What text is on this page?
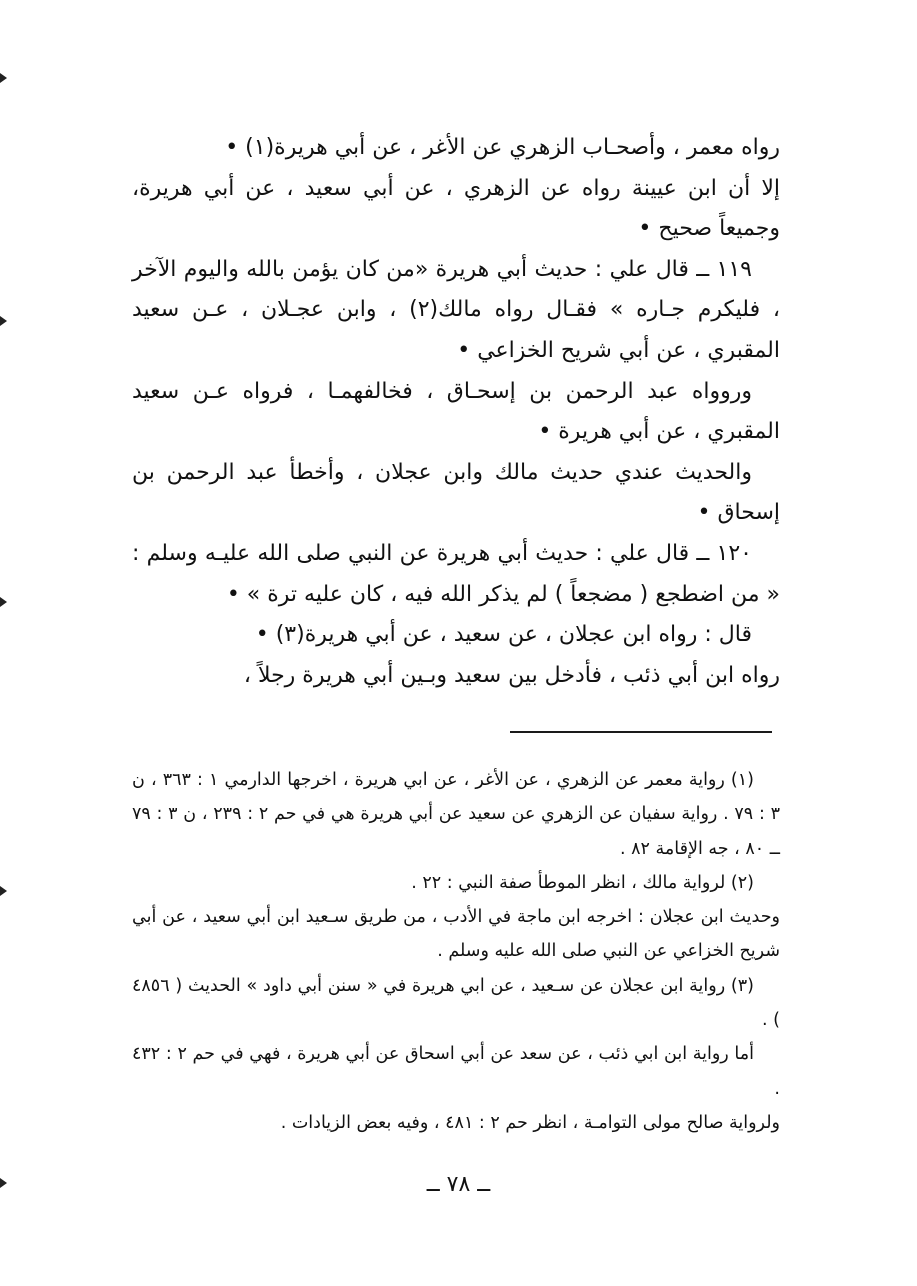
رواه معمر ، وأصحـاب الزهري عن الأغر ، عن أبي هريرة(١) •

إلا أن ابن عيينة رواه عن الزهري ، عن أبي سعيد ، عن أبي هريرة، وجميعاً صحيح •

١١٩ ــ قال علي : حديث أبي هريرة «من كان يؤمن بالله واليوم الآخر ، فليكرم جـاره » فقـال رواه مالك(٢) ، وابن عجـلان ، عـن سعيد المقبري ، عن أبي شريح الخزاعي •

وروواه عبد الرحمن بن إسحـاق ، فخالفهمـا ، فرواه عـن سعيد المقبري ، عن أبي هريرة •

والحديث عندي حديث مالك وابن عجلان ، وأخطأ عبد الرحمن بن إسحاق •

١٢٠ ــ قال علي : حديث أبي هريرة عن النبي صلى الله عليـه وسلم : « من اضطجع ( مضجعاً ) لم يذكر الله فيه ، كان عليه ترة » •

قال : رواه ابن عجلان ، عن سعيد ، عن أبي هريرة(٣) •

رواه ابن أبي ذئب ، فأدخل بين سعيد وبـين أبي هريرة رجلاً ،

(١) رواية معمر عن الزهري ، عن الأغر ، عن ابي هريرة ، اخرجها الدارمي ١ : ٣٦٣ ، ن ٣ : ٧٩ . رواية سفيان عن الزهري عن سعيد عن أبي هريرة هي في حم ٢ : ٢٣٩ ، ن ٣ : ٧٩ ــ ٨٠ ، جه الإقامة ٨٢ .

(٢) لرواية مالك ، انظر الموطأ صفة النبي : ٢٢ .

وحديث ابن عجلان : اخرجه ابن ماجة في الأدب ، من طريق سـعيد ابن أبي سعيد ، عن أبي شريح الخزاعي عن النبي صلى الله عليه وسلم .

(٣) رواية ابن عجلان عن سـعيد ، عن ابي هريرة في « سنن أبي داود » الحديث ( ٤٨٥٦ ) .

أما رواية ابن ابي ذئب ، عن سعد عن أبي اسحاق عن أبي هريرة ، فهي في حم ٢ : ٤٣٢ .

ولرواية صالح مولى التوامـة ، انظر حم ٢ : ٤٨١ ، وفيه بعض الزيادات .

ــ ٧٨ ــ
